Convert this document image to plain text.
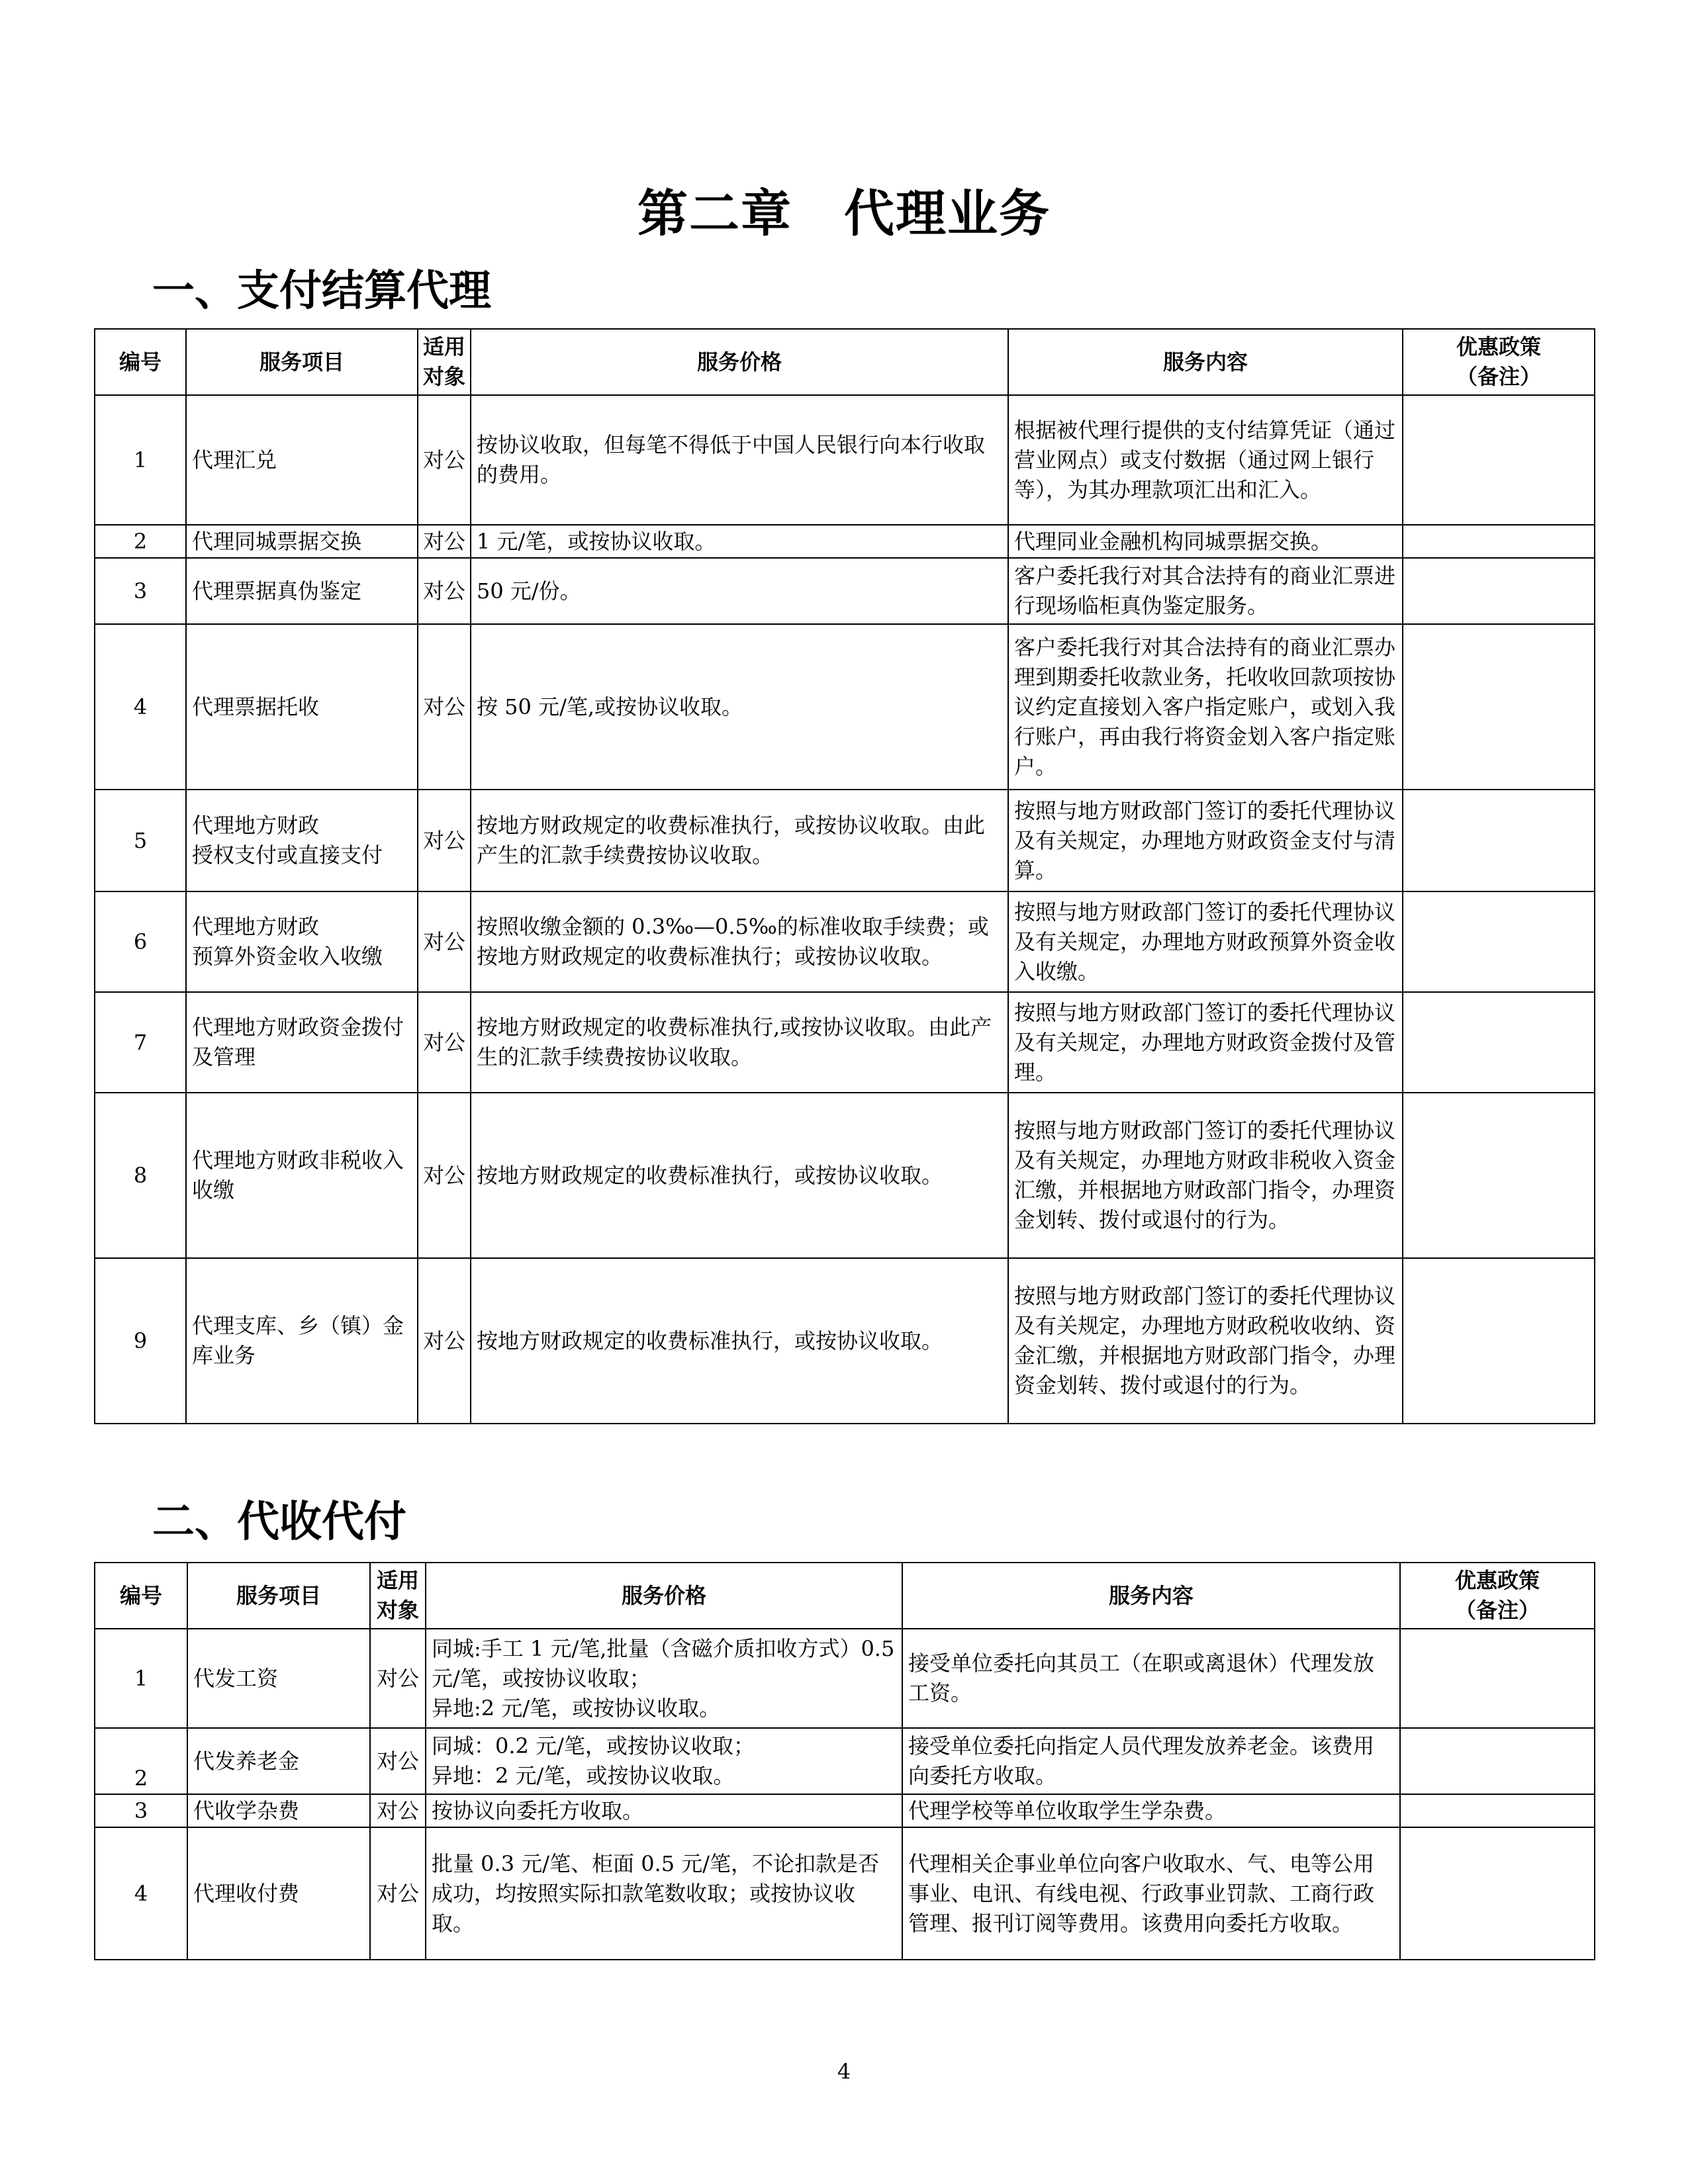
第二章　代理业务
一、支付结算代理
编号	服务项目	适用
对象	服务价格	服务内容	优惠政策
（备注）
1	代理汇兑	对公	按协议收取，但每笔不得低于中国人民银行向本行收取的费用。	根据被代理行提供的支付结算凭证（通过营业网点）或支付数据（通过网上银行等），为其办理款项汇出和汇入。	
2	代理同城票据交换	对公	1 元/笔，或按协议收取。	代理同业金融机构同城票据交换。	
3	代理票据真伪鉴定	对公	50 元/份。	客户委托我行对其合法持有的商业汇票进行现场临柜真伪鉴定服务。	
4	代理票据托收	对公	按 50 元/笔,或按协议收取。	客户委托我行对其合法持有的商业汇票办理到期委托收款业务，托收收回款项按协议约定直接划入客户指定账户，或划入我行账户，再由我行将资金划入客户指定账户。	
5	代理地方财政
授权支付或直接支付	对公	按地方财政规定的收费标准执行，或按协议收取。由此产生的汇款手续费按协议收取。	按照与地方财政部门签订的委托代理协议及有关规定，办理地方财政资金支付与清算。	
6	代理地方财政
预算外资金收入收缴	对公	按照收缴金额的 0.3‰—0.5‰的标准收取手续费；或按地方财政规定的收费标准执行；或按协议收取。	按照与地方财政部门签订的委托代理协议及有关规定，办理地方财政预算外资金收入收缴。	
7	代理地方财政资金拨付及管理	对公	按地方财政规定的收费标准执行,或按协议收取。由此产生的汇款手续费按协议收取。	按照与地方财政部门签订的委托代理协议及有关规定，办理地方财政资金拨付及管理。	
8	代理地方财政非税收入收缴	对公	按地方财政规定的收费标准执行，或按协议收取。	按照与地方财政部门签订的委托代理协议及有关规定，办理地方财政非税收入资金汇缴，并根据地方财政部门指令，办理资金划转、拨付或退付的行为。	
9	代理支库、乡（镇）金库业务	对公	按地方财政规定的收费标准执行，或按协议收取。	按照与地方财政部门签订的委托代理协议及有关规定，办理地方财政税收收纳、资金汇缴，并根据地方财政部门指令，办理资金划转、拨付或退付的行为。	
二、代收代付
编号	服务项目	适用
对象	服务价格	服务内容	优惠政策
（备注）
1	代发工资	对公	同城:手工 1 元/笔,批量（含磁介质扣收方式）0.5 元/笔，或按协议收取；
异地:2 元/笔，或按协议收取。	接受单位委托向其员工（在职或离退休）代理发放工资。	
2	代发养老金	对公	同城：0.2 元/笔，或按协议收取；
异地：2 元/笔，或按协议收取。	接受单位委托向指定人员代理发放养老金。该费用向委托方收取。	
3	代收学杂费	对公	按协议向委托方收取。	代理学校等单位收取学生学杂费。	
4	代理收付费	对公	批量 0.3 元/笔、柜面 0.5 元/笔，不论扣款是否成功，均按照实际扣款笔数收取；或按协议收取。	代理相关企事业单位向客户收取水、气、电等公用事业、电讯、有线电视、行政事业罚款、工商行政管理、报刊订阅等费用。该费用向委托方收取。	
4
